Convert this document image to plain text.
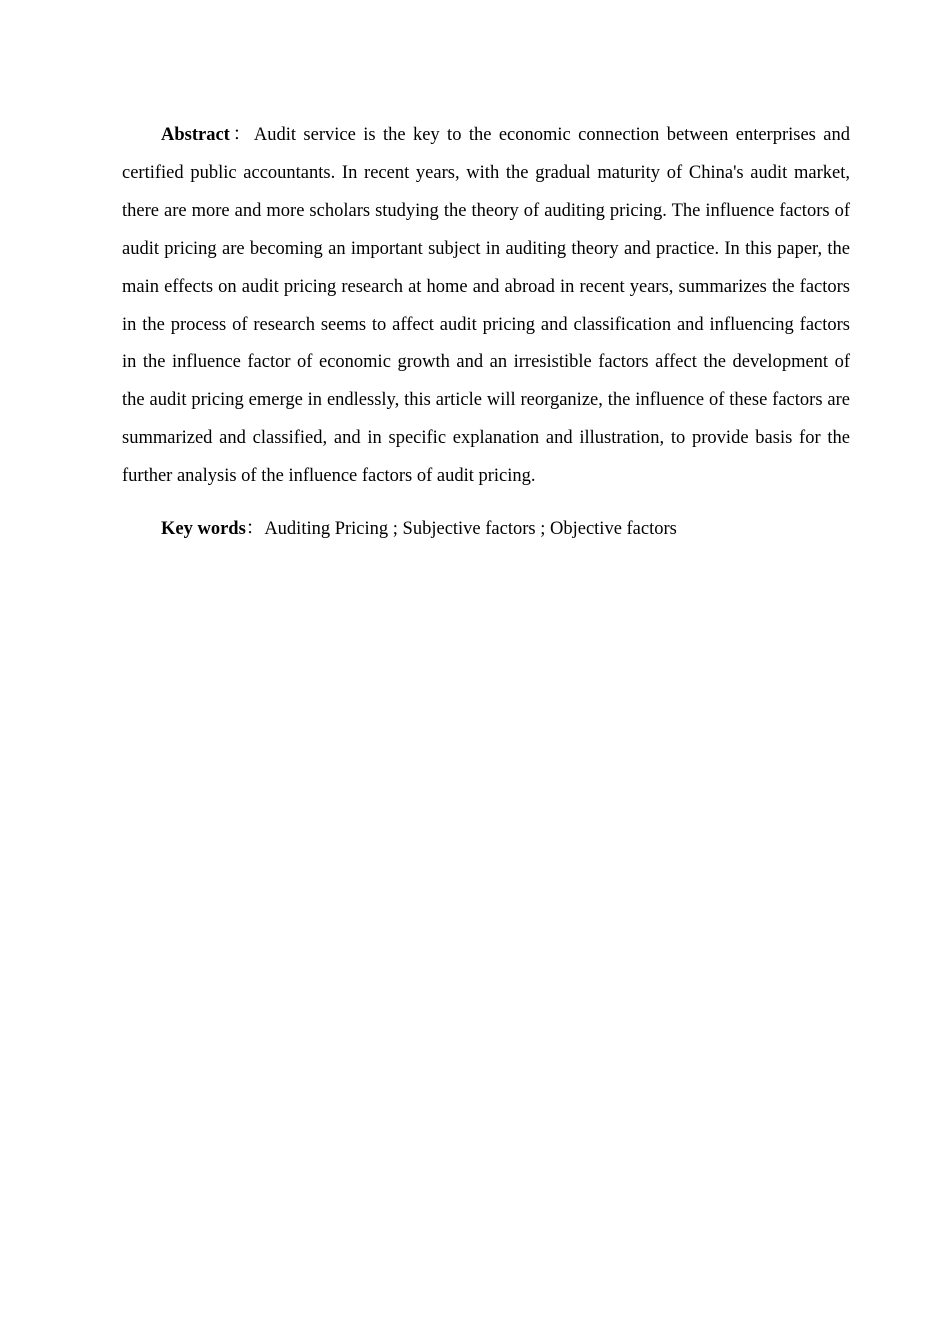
Abstract：Audit service is the key to the economic connection between enterprises and certified public accountants. In recent years, with the gradual maturity of China's audit market, there are more and more scholars studying the theory of auditing pricing. The influence factors of audit pricing are becoming an important subject in auditing theory and practice. In this paper, the main effects on audit pricing research at home and abroad in recent years, summarizes the factors in the process of research seems to affect audit pricing and classification and influencing factors in the influence factor of economic growth and an irresistible factors affect the development of the audit pricing emerge in endlessly, this article will reorganize, the influence of these factors are summarized and classified, and in specific explanation and illustration, to provide basis for the further analysis of the influence factors of audit pricing.

Key words：Auditing Pricing ; Subjective factors ; Objective factors
